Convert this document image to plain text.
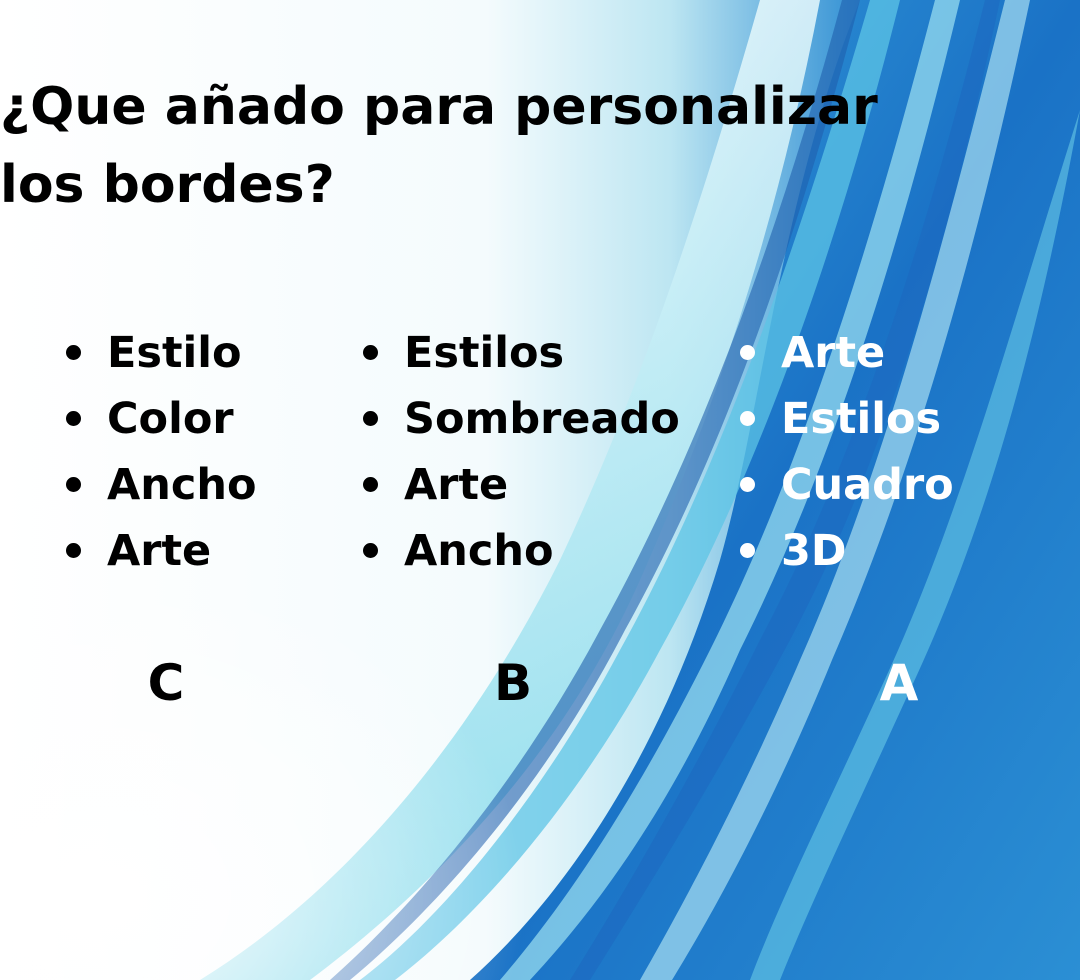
¿Que añado para personalizar
los bordes?
Estilo
Color
Ancho
Arte
Estilos
Sombreado
Arte
Ancho
Arte
Estilos
Cuadro
3D
C	B	A
